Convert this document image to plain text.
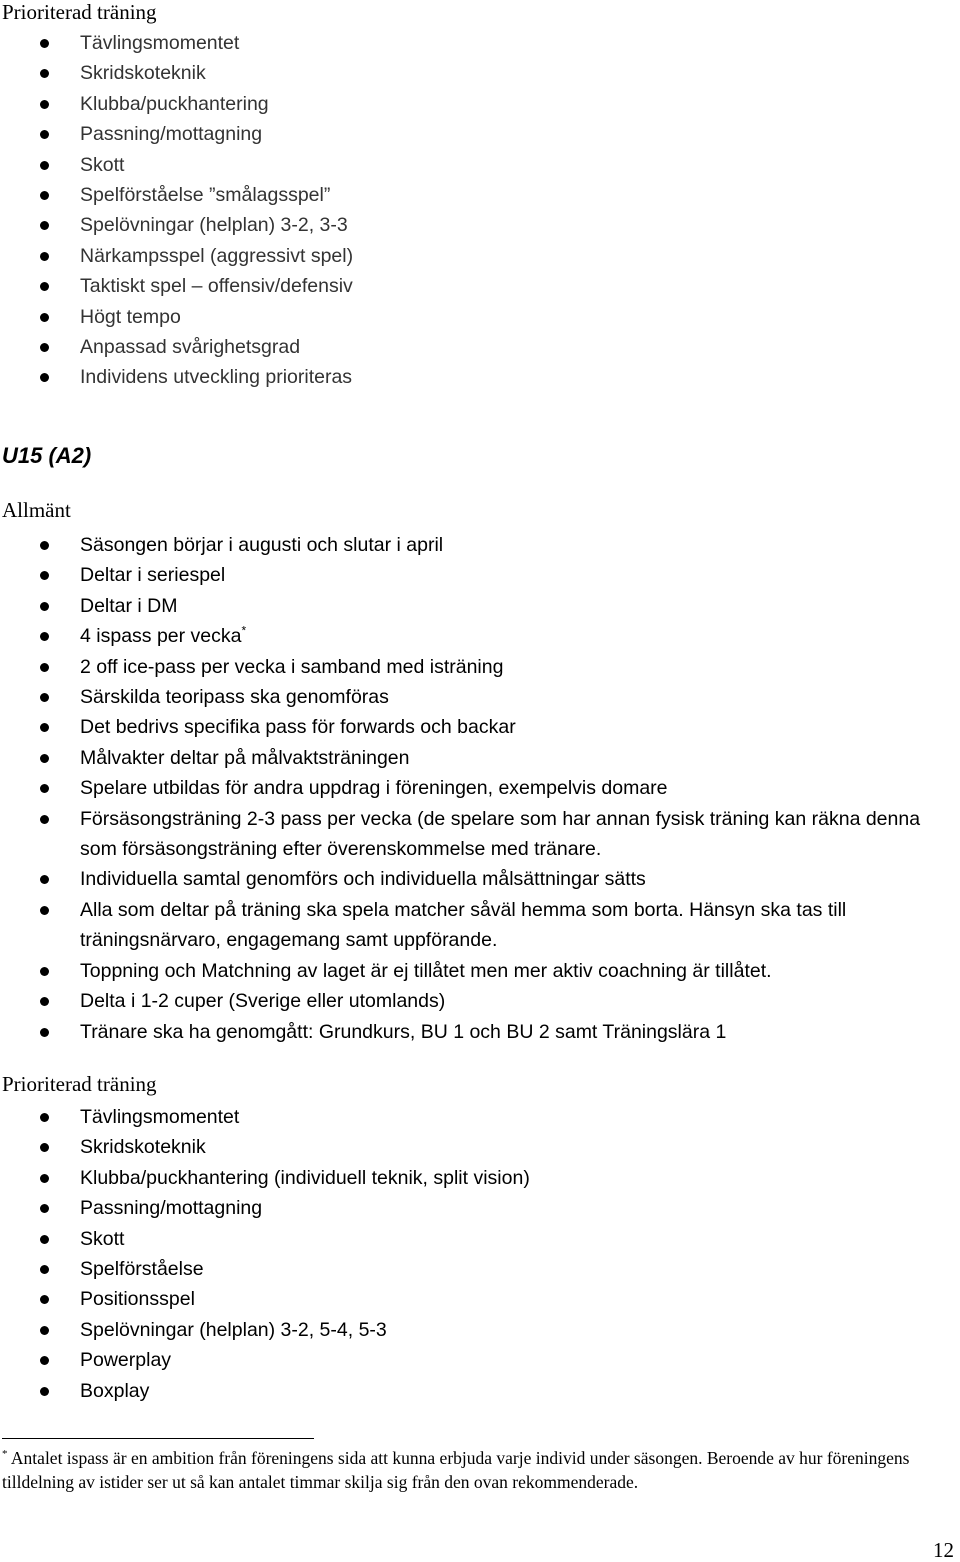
Prioriterad träning
Tävlingsmomentet
Skridskoteknik
Klubba/puckhantering
Passning/mottagning
Skott
Spelförståelse ”smålagsspel”
Spelövningar (helplan) 3-2, 3-3
Närkampsspel (aggressivt spel)
Taktiskt spel – offensiv/defensiv
Högt tempo
Anpassad svårighetsgrad
Individens utveckling prioriteras
U15 (A2)
Allmänt
Säsongen börjar i augusti och slutar i april
Deltar i seriespel
Deltar i DM
4 ispass per vecka*
2 off ice-pass per vecka i samband med isträning
Särskilda teoripass ska genomföras
Det bedrivs specifika pass för forwards och backar
Målvakter deltar på målvaktsträningen
Spelare utbildas för andra uppdrag i föreningen, exempelvis domare
Försäsongsträning 2-3 pass per vecka (de spelare som har annan fysisk träning kan räkna denna som försäsongsträning efter överenskommelse med tränare.
Individuella samtal genomförs och individuella målsättningar sätts
Alla som deltar på träning ska spela matcher såväl hemma som borta. Hänsyn ska tas till träningsnärvaro, engagemang samt uppförande.
Toppning och Matchning av laget är ej tillåtet men mer aktiv coachning är tillåtet.
Delta i 1-2 cuper (Sverige eller utomlands)
Tränare ska ha genomgått: Grundkurs, BU 1 och BU 2 samt Träningslära 1
Prioriterad träning
Tävlingsmomentet
Skridskoteknik
Klubba/puckhantering (individuell teknik, split vision)
Passning/mottagning
Skott
Spelförståelse
Positionsspel
Spelövningar (helplan) 3-2, 5-4, 5-3
Powerplay
Boxplay
* Antalet ispass är en ambition från föreningens sida att kunna erbjuda varje individ under säsongen. Beroende av hur föreningens tilldelning av istider ser ut så kan antalet timmar skilja sig från den ovan rekommenderade.
12
